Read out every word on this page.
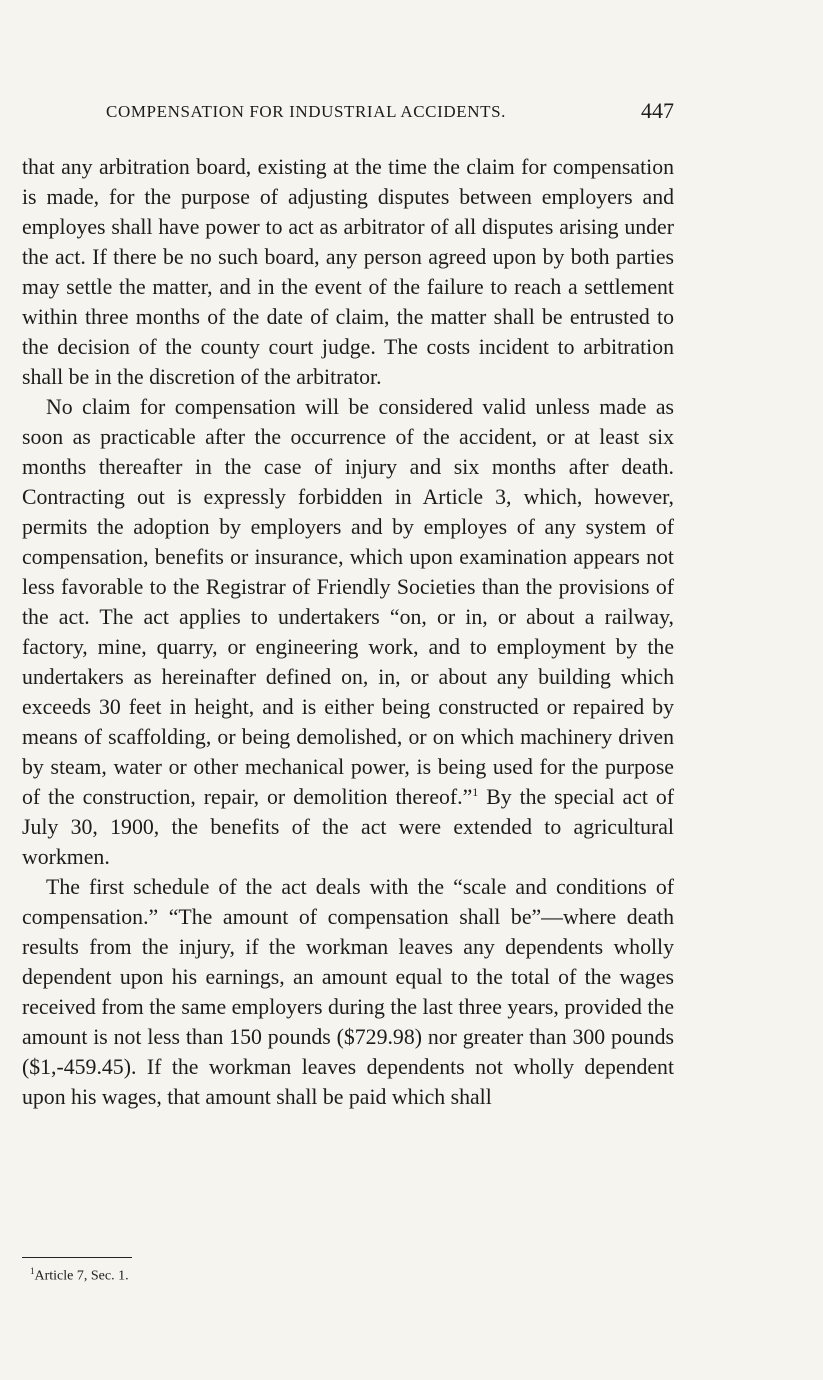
COMPENSATION FOR INDUSTRIAL ACCIDENTS.	447

that any arbitration board, existing at the time the claim for compensation is made, for the purpose of adjusting disputes between employers and employes shall have power to act as arbitrator of all disputes arising under the act. If there be no such board, any person agreed upon by both parties may settle the matter, and in the event of the failure to reach a settlement within three months of the date of claim, the matter shall be entrusted to the decision of the county court judge. The costs incident to arbitration shall be in the discretion of the arbitrator.

No claim for compensation will be considered valid unless made as soon as practicable after the occurrence of the accident, or at least six months thereafter in the case of injury and six months after death. Contracting out is expressly forbidden in Article 3, which, however, permits the adoption by employers and by employes of any system of compensation, benefits or insurance, which upon examination appears not less favorable to the Registrar of Friendly Societies than the provisions of the act. The act applies to undertakers “on, or in, or about a railway, factory, mine, quarry, or engineering work, and to employment by the undertakers as hereinafter defined on, in, or about any building which exceeds 30 feet in height, and is either being constructed or repaired by means of scaffolding, or being demolished, or on which machinery driven by steam, water or other mechanical power, is being used for the purpose of the construction, repair, or demolition thereof.”$^1$ By the special act of July 30, 1900, the benefits of the act were extended to agricultural workmen.

The first schedule of the act deals with the “scale and conditions of compensation.” “The amount of compensation shall be”—where death results from the injury, if the workman leaves any dependents wholly dependent upon his earnings, an amount equal to the total of the wages received from the same employers during the last three years, provided the amount is not less than 150 pounds ($729.98) nor greater than 300 pounds ($1,-459.45). If the workman leaves dependents not wholly dependent upon his wages, that amount shall be paid which shall

$^1$Article 7, Sec. 1.
